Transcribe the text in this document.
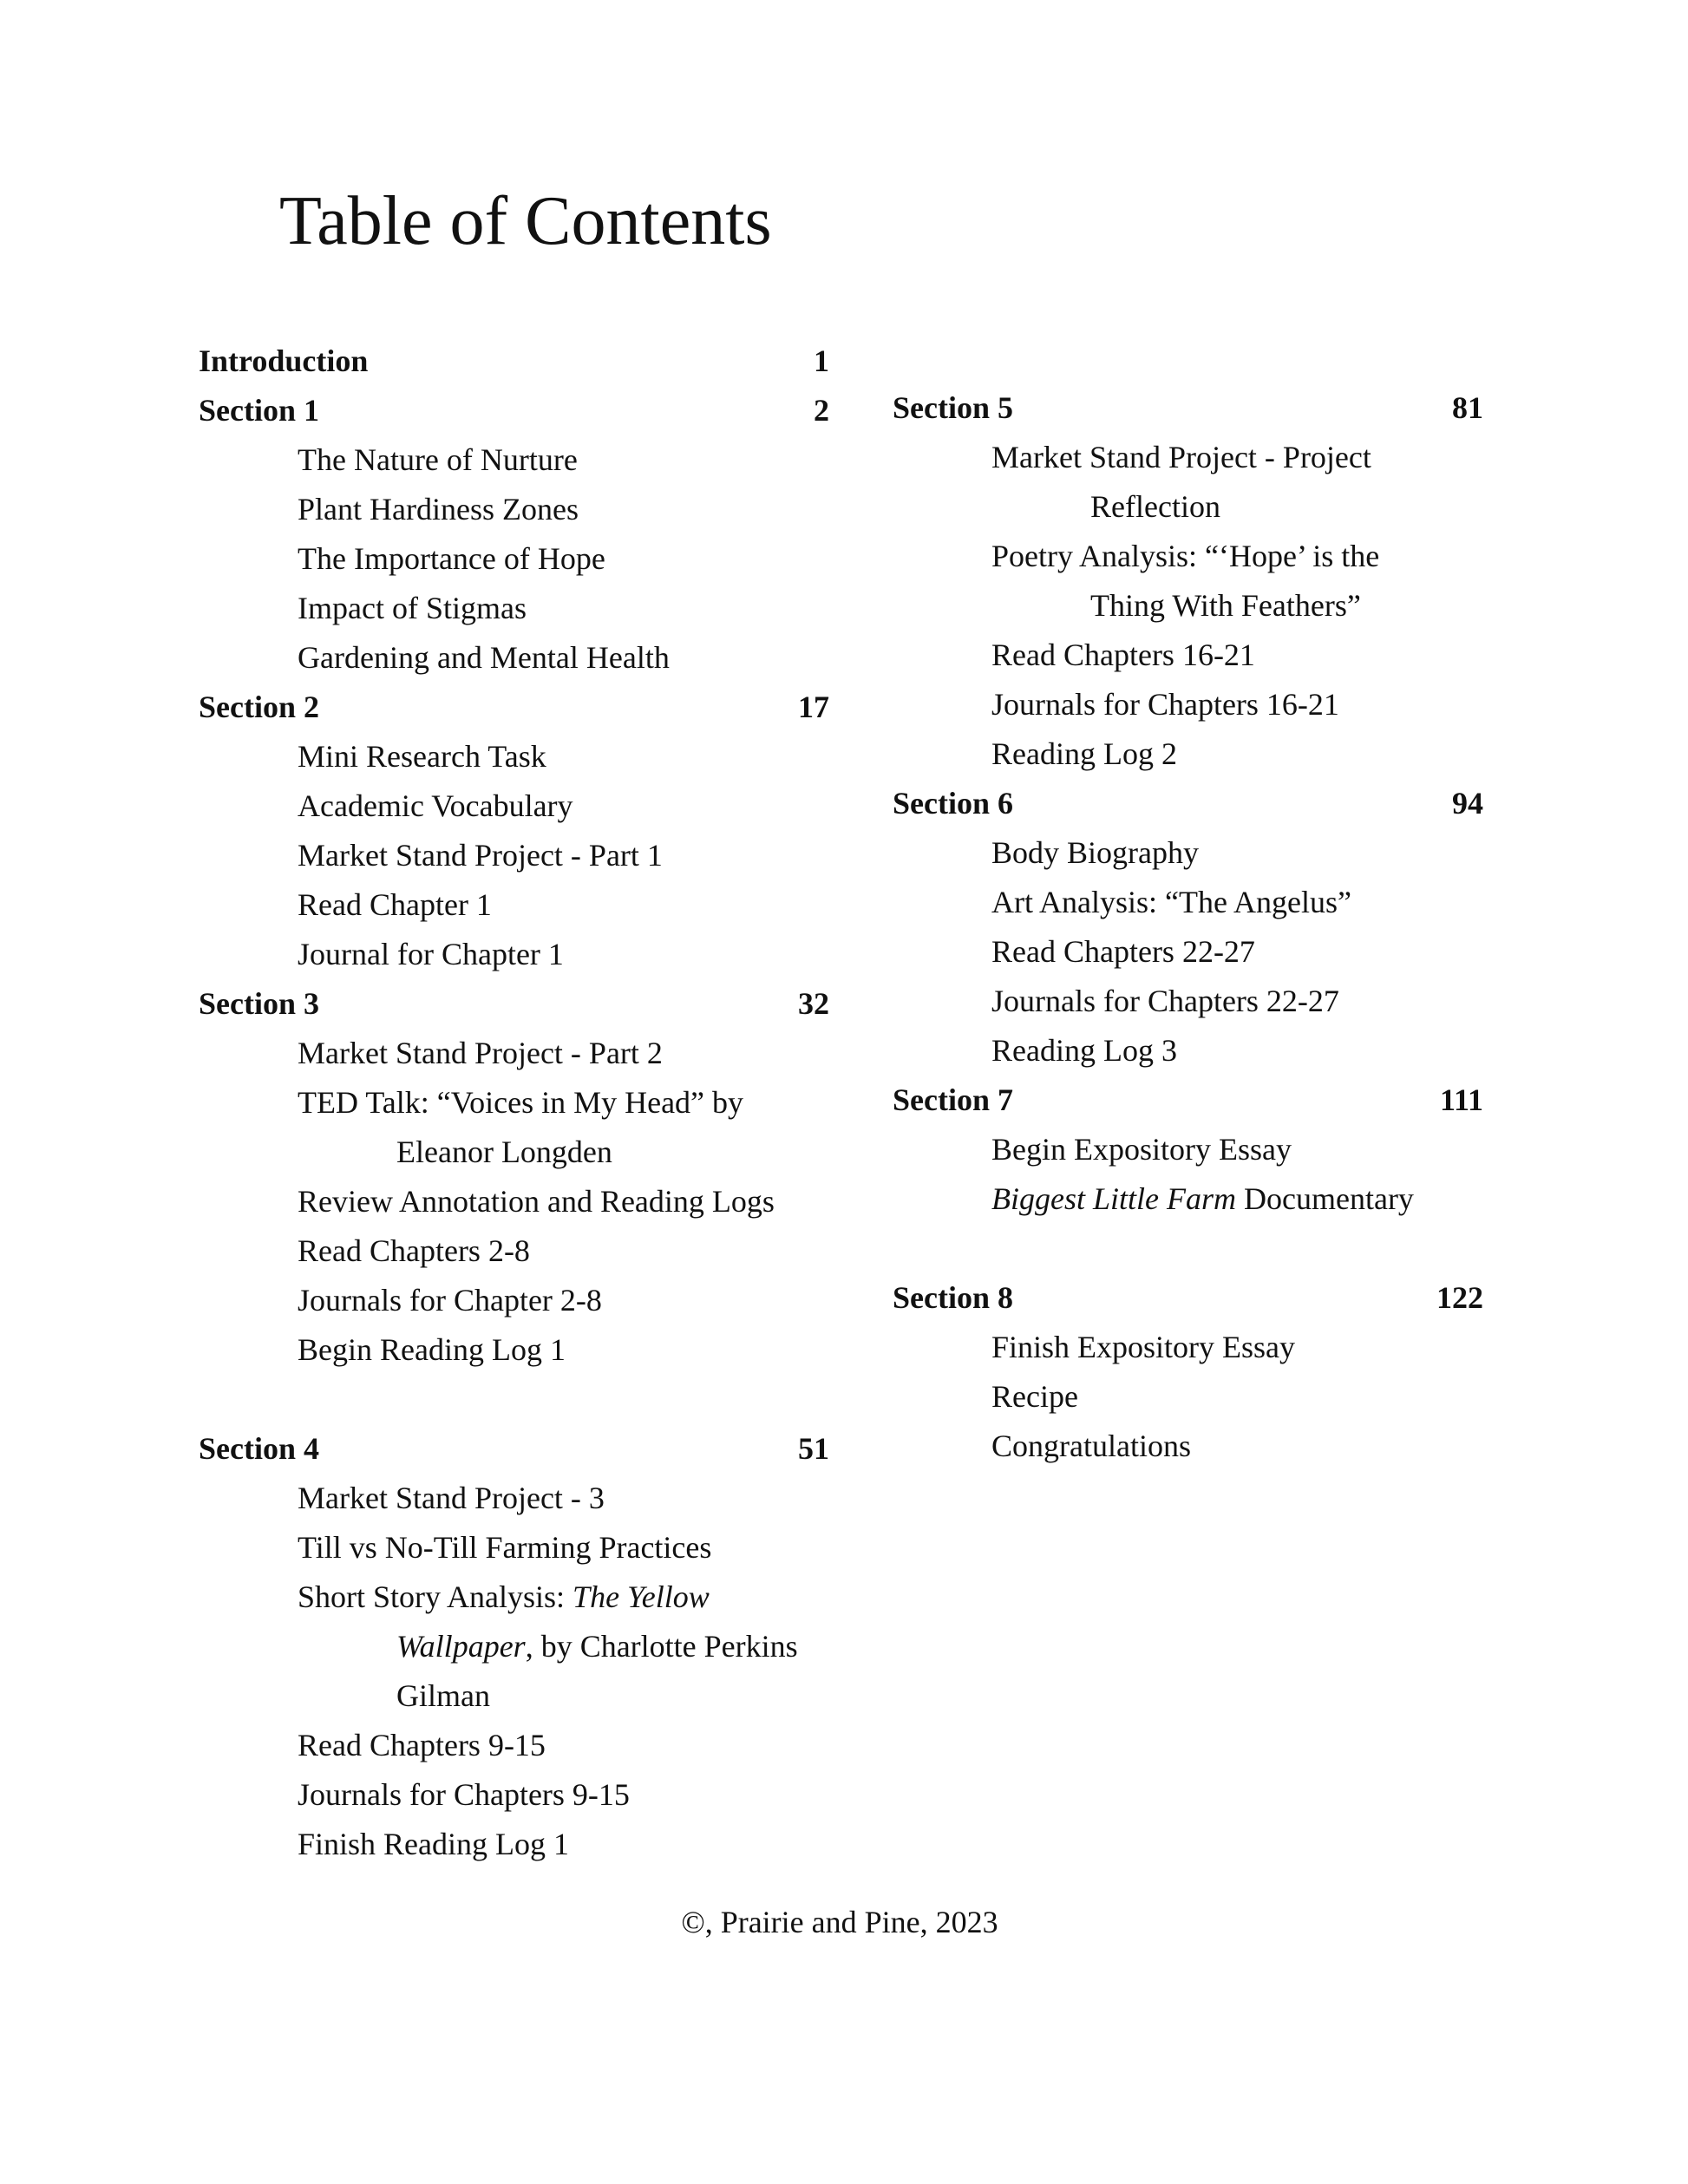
Table of Contents
Introduction	1
Section 1	2
The Nature of Nurture
Plant Hardiness Zones
The Importance of Hope
Impact of Stigmas
Gardening and Mental Health
Section 2	17
Mini Research Task
Academic Vocabulary
Market Stand Project - Part 1
Read Chapter 1
Journal for Chapter 1
Section 3	32
Market Stand Project - Part 2
TED Talk: “Voices in My Head” by
Eleanor Longden
Review Annotation and Reading Logs
Read Chapters 2-8
Journals for Chapter 2-8
Begin Reading Log 1
Section 4	51
Market Stand Project - 3
Till vs No-Till Farming Practices
Short Story Analysis: The Yellow
Wallpaper, by Charlotte Perkins
Gilman
Read Chapters 9-15
Journals for Chapters 9-15
Finish Reading Log 1
Section 5	81
Market Stand Project - Project
Reflection
Poetry Analysis: “‘Hope’ is the
Thing With Feathers”
Read Chapters 16-21
Journals for Chapters 16-21
Reading Log 2
Section 6	94
Body Biography
Art Analysis: “The Angelus”
Read Chapters 22-27
Journals for Chapters 22-27
Reading Log 3
Section 7	111
Begin Expository Essay
Biggest Little Farm Documentary
Section 8	122
Finish Expository Essay
Recipe
Congratulations
©, Prairie and Pine, 2023
